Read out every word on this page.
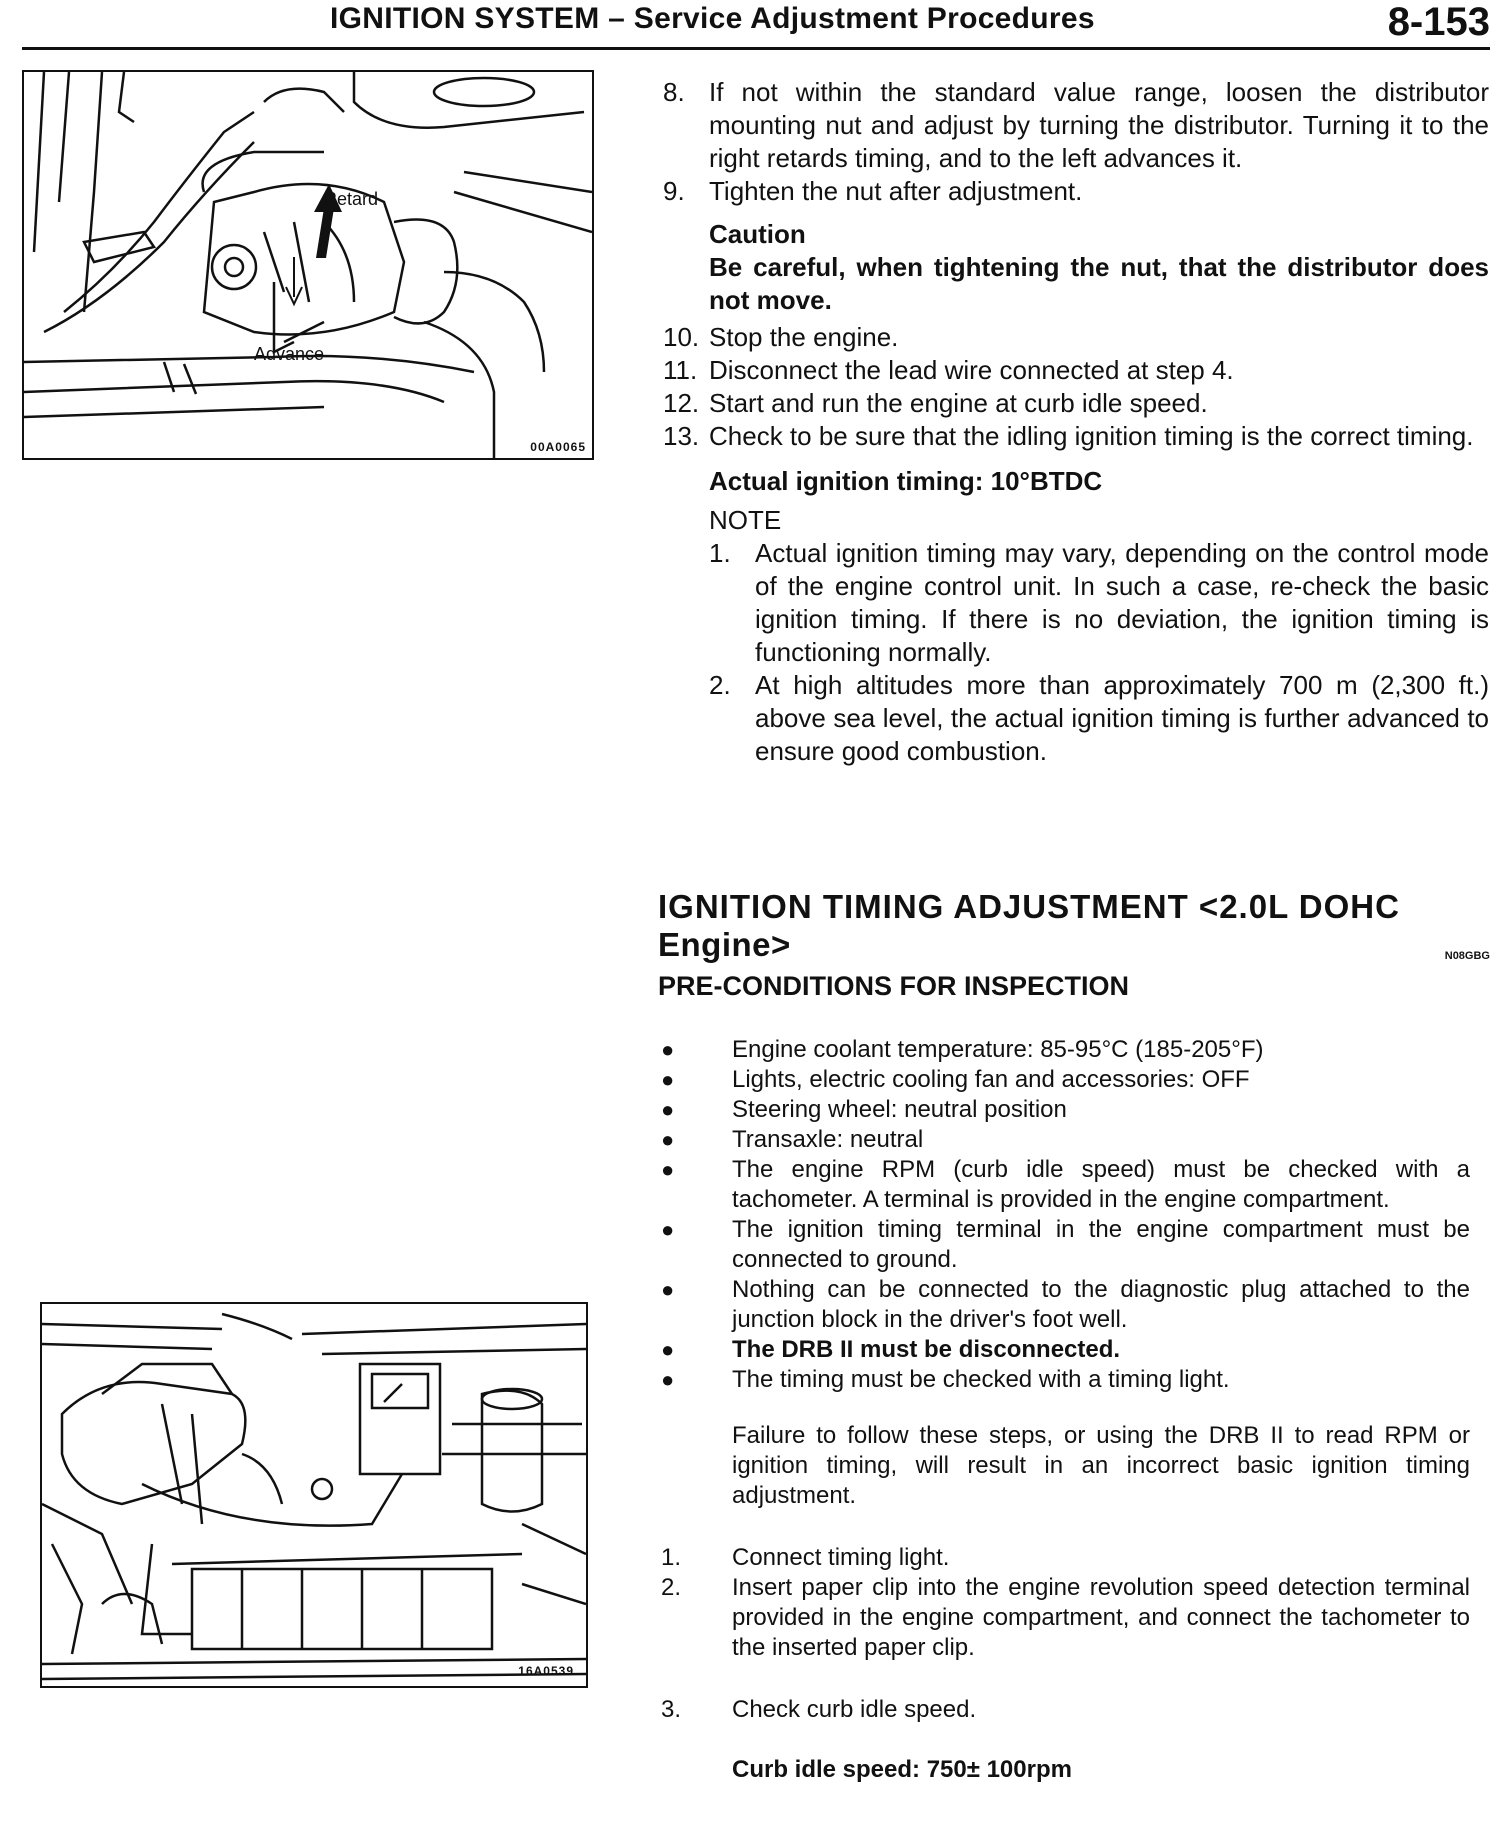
IGNITION SYSTEM – Service Adjustment Procedures	8-153
Retard
Advance
00A0065
16A0539
8. If not within the standard value range, loosen the distributor mounting nut and adjust by turning the distributor. Turning it to the right retards timing, and to the left advances it.
9. Tighten the nut after adjustment.
Caution
Be careful, when tightening the nut, that the distributor does not move.
10. Stop the engine.
11. Disconnect the lead wire connected at step 4.
12. Start and run the engine at curb idle speed.
13. Check to be sure that the idling ignition timing is the correct timing.
Actual ignition timing: 10°BTDC
NOTE
1. Actual ignition timing may vary, depending on the control mode of the engine control unit. In such a case, re-check the basic ignition timing. If there is no deviation, the ignition timing is functioning normally.
2. At high altitudes more than approximately 700 m (2,300 ft.) above sea level, the actual ignition timing is further advanced to ensure good combustion.
IGNITION TIMING ADJUSTMENT <2.0L DOHC
Engine>	N08GBG
PRE-CONDITIONS FOR INSPECTION
● Engine coolant temperature: 85-95°C (185-205°F)
● Lights, electric cooling fan and accessories: OFF
● Steering wheel: neutral position
● Transaxle: neutral
● The engine RPM (curb idle speed) must be checked with a tachometer. A terminal is provided in the engine compartment.
● The ignition timing terminal in the engine compartment must be connected to ground.
● Nothing can be connected to the diagnostic plug attached to the junction block in the driver's foot well.
● The DRB II must be disconnected.
● The timing must be checked with a timing light.
Failure to follow these steps, or using the DRB II to read RPM or ignition timing, will result in an incorrect basic ignition timing adjustment.
1. Connect timing light.
2. Insert paper clip into the engine revolution speed detection terminal provided in the engine compartment, and connect the tachometer to the inserted paper clip.
3. Check curb idle speed.
Curb idle speed: 750± 100rpm
